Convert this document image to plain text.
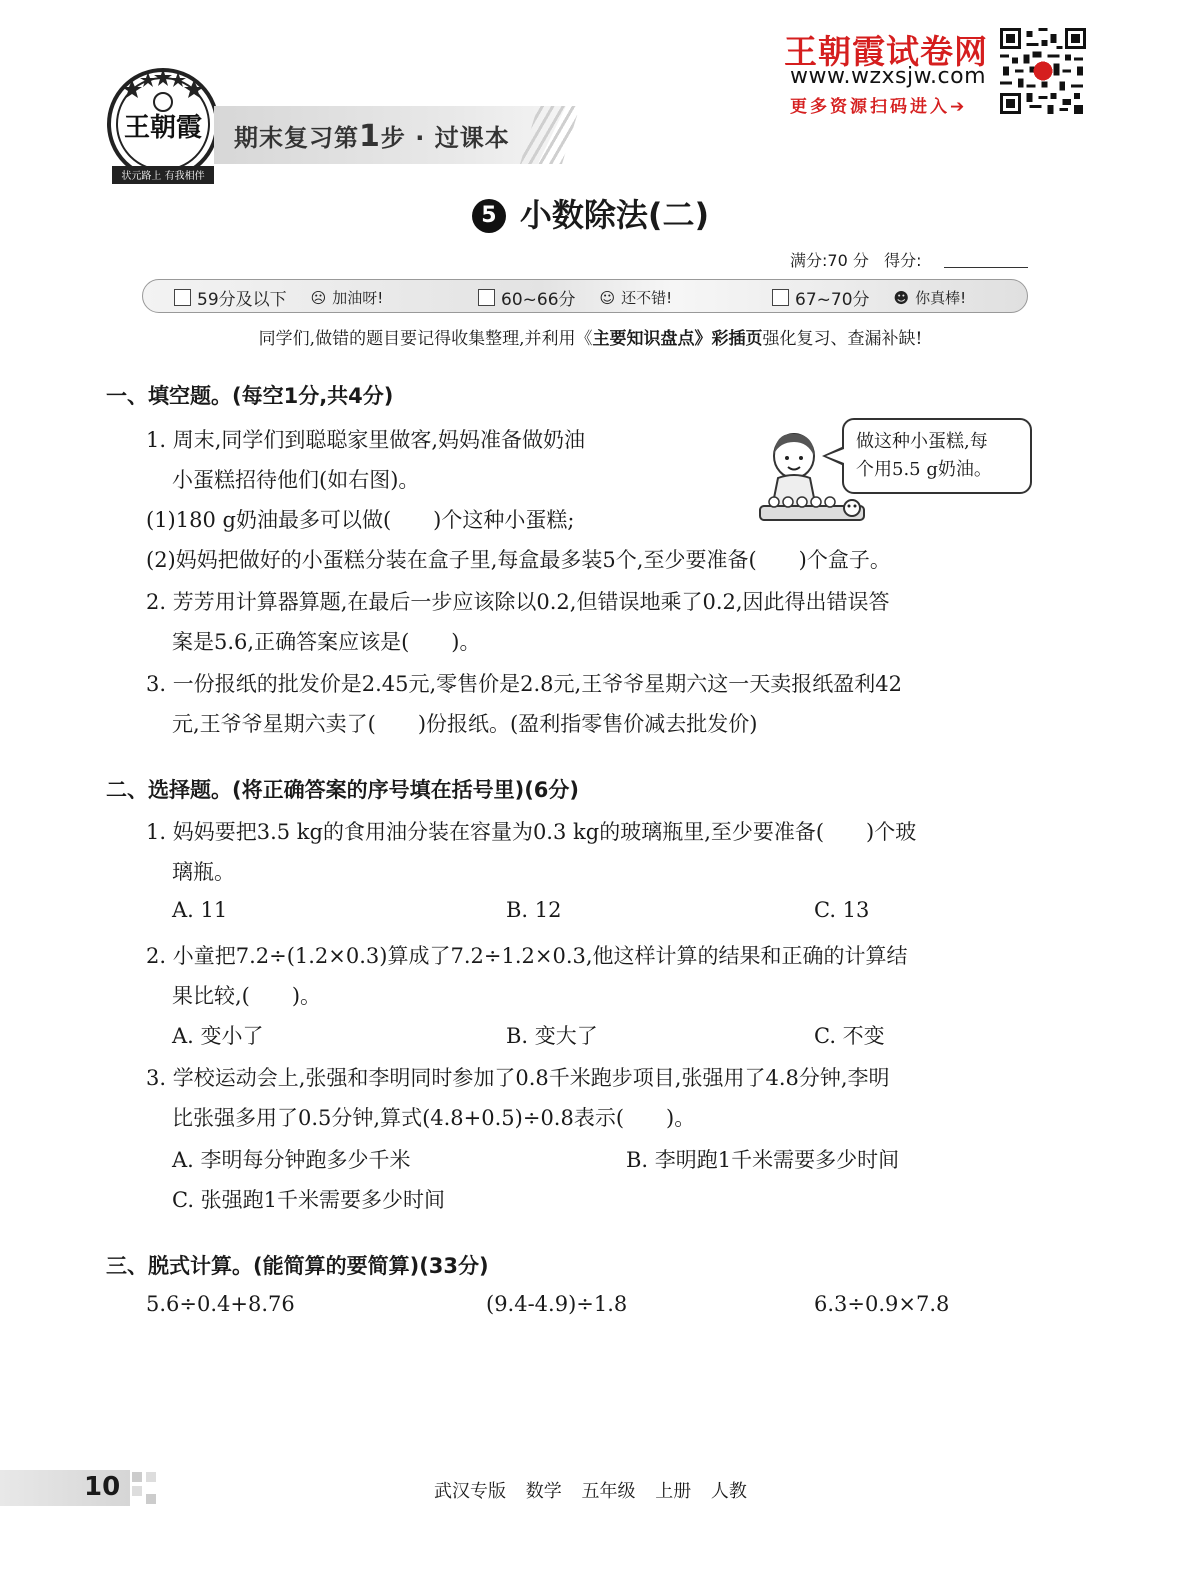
王朝霞
状元路上 有我相伴
期末复习第1步 · 过课本
王朝霞试卷网
www.wzxsjw.com
更多资源扫码进入➔
5 小数除法(二)
满分:70 分 得分:
59分及以下 ☹ 加油呀!	60~66分 ☺ 还不错!	67~70分 ☻ 你真棒!
同学们,做错的题目要记得收集整理,并利用《主要知识盘点》彩插页强化复习、查漏补缺!
一、填空题。(每空1分,共4分)
1. 周末,同学们到聪聪家里做客,妈妈准备做奶油
小蛋糕招待他们(如右图)。
做这种小蛋糕,每
个用5.5 g奶油。
(1)180 g奶油最多可以做(　　)个这种小蛋糕;
(2)妈妈把做好的小蛋糕分装在盒子里,每盒最多装5个,至少要准备(　　)个盒子。
2. 芳芳用计算器算题,在最后一步应该除以0.2,但错误地乘了0.2,因此得出错误答
案是5.6,正确答案应该是(　　)。
3. 一份报纸的批发价是2.45元,零售价是2.8元,王爷爷星期六这一天卖报纸盈利42
元,王爷爷星期六卖了(　　)份报纸。(盈利指零售价减去批发价)
二、选择题。(将正确答案的序号填在括号里)(6分)
1. 妈妈要把3.5 kg的食用油分装在容量为0.3 kg的玻璃瓶里,至少要准备(　　)个玻
璃瓶。
A. 11	B. 12	C. 13
2. 小童把7.2÷(1.2×0.3)算成了7.2÷1.2×0.3,他这样计算的结果和正确的计算结
果比较,(　　)。
A. 变小了	B. 变大了	C. 不变
3. 学校运动会上,张强和李明同时参加了0.8千米跑步项目,张强用了4.8分钟,李明
比张强多用了0.5分钟,算式(4.8+0.5)÷0.8表示(　　)。
A. 李明每分钟跑多少千米	B. 李明跑1千米需要多少时间
C. 张强跑1千米需要多少时间
三、脱式计算。(能简算的要简算)(33分)
5.6÷0.4+8.76	(9.4-4.9)÷1.8	6.3÷0.9×7.8
10	武汉专版 数学 五年级 上册 人教
